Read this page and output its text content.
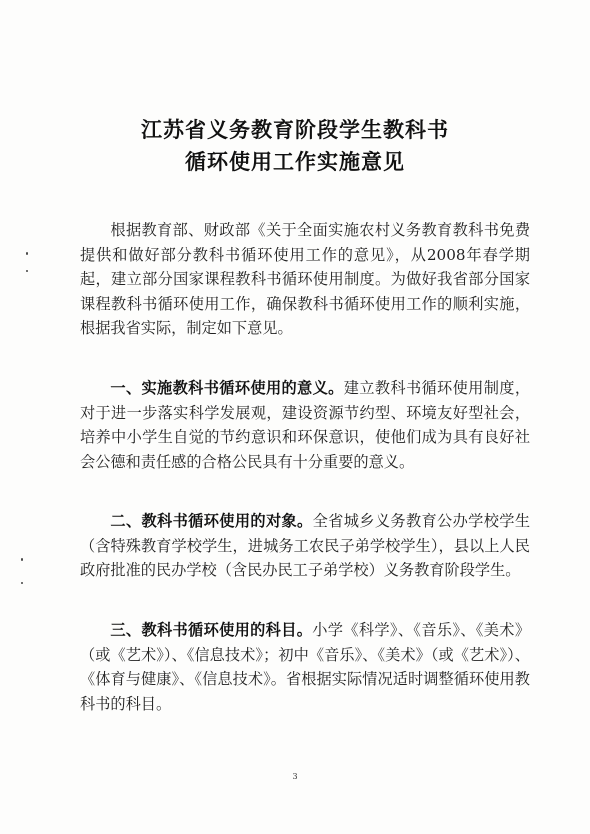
江苏省义务教育阶段学生教科书
循环使用工作实施意见

根据教育部、财政部《关于全面实施农村义务教育教科书免费提供和做好部分教科书循环使用工作的意见》，从2008年春学期起，建立部分国家课程教科书循环使用制度。为做好我省部分国家课程教科书循环使用工作，确保教科书循环使用工作的顺利实施，根据我省实际，制定如下意见。

一、实施教科书循环使用的意义。建立教科书循环使用制度，对于进一步落实科学发展观，建设资源节约型、环境友好型社会，培养中小学生自觉的节约意识和环保意识，使他们成为具有良好社会公德和责任感的合格公民具有十分重要的意义。

二、教科书循环使用的对象。全省城乡义务教育公办学校学生（含特殊教育学校学生，进城务工农民子弟学校学生），县以上人民政府批准的民办学校（含民办民工子弟学校）义务教育阶段学生。

三、教科书循环使用的科目。小学《科学》、《音乐》、《美术》（或《艺术》）、《信息技术》；初中《音乐》、《美术》（或《艺术》）、《体育与健康》、《信息技术》。省根据实际情况适时调整循环使用教科书的科目。

3
